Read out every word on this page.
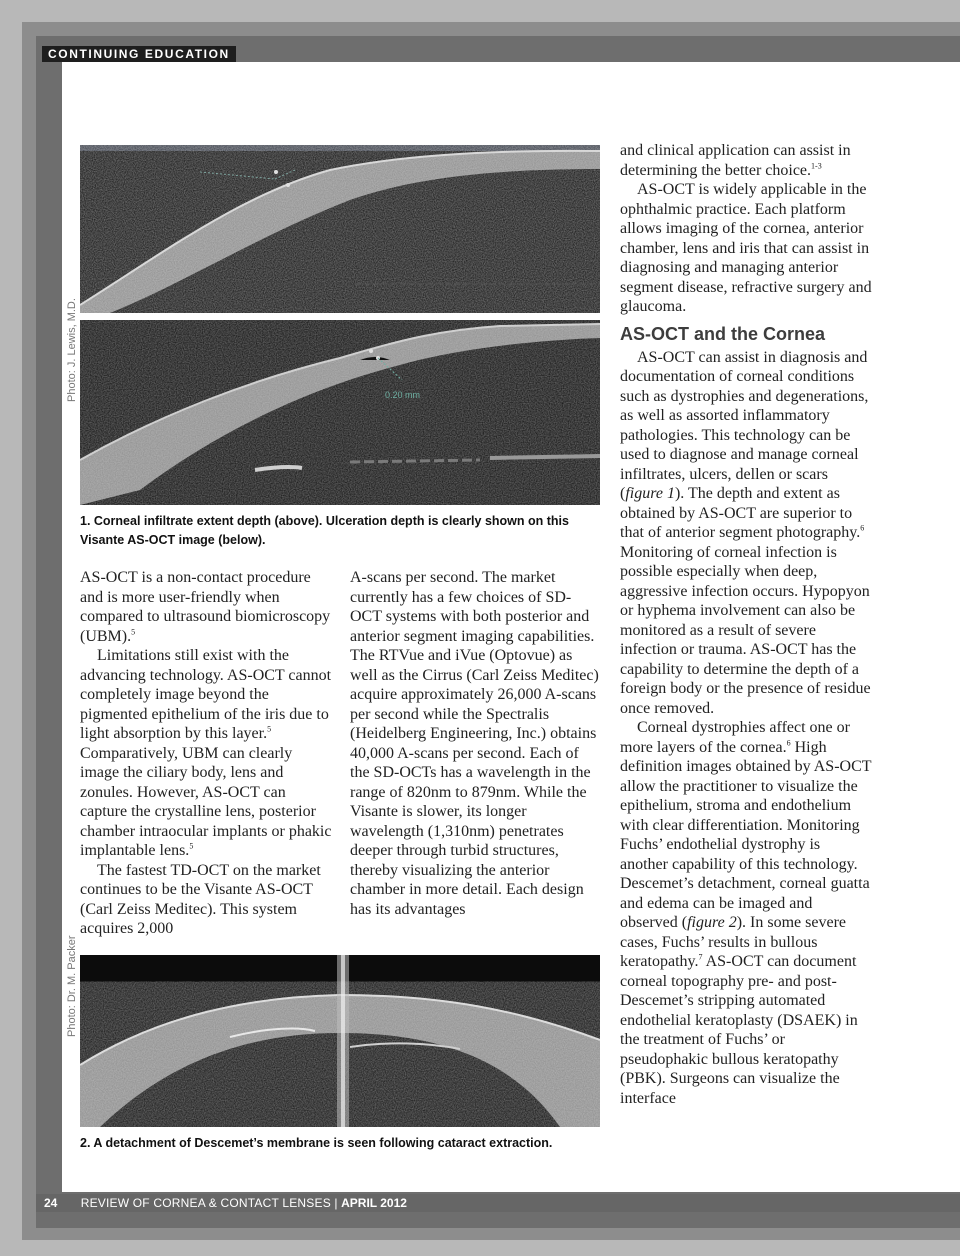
CONTINUING EDUCATION
0.20 mm
Photo: J. Lewis, M.D.
1. Corneal infiltrate extent depth (above). Ulceration depth is clearly shown on this Visante AS-OCT image (below).

AS-OCT is a non-contact procedure and is more user-friendly when compared to ultrasound biomicroscopy (UBM).$^5$

Limitations still exist with the advancing technology. AS-OCT cannot completely image beyond the pigmented epithelium of the iris due to light absorption by this layer.$^5$ Comparatively, UBM can clearly image the ciliary body, lens and zonules. However, AS-OCT can capture the crystalline lens, posterior chamber intraocular implants or phakic implantable lens.$^5$

The fastest TD-OCT on the market continues to be the Visante AS-OCT (Carl Zeiss Meditec). This system acquires 2,000

A-scans per second. The market currently has a few choices of SD-OCT systems with both posterior and anterior segment imaging capabilities. The RTVue and iVue (Optovue) as well as the Cirrus (Carl Zeiss Meditec) acquire approximately 26,000 A-scans per second while the Spectralis (Heidelberg Engineering, Inc.) obtains 40,000 A-scans per second. Each of the SD-OCTs has a wavelength in the range of 820nm to 879nm. While the Visante is slower, its longer wavelength (1,310nm) penetrates deeper through turbid structures, thereby visualizing the anterior chamber in more detail. Each design has its advantages

Photo: Dr. M. Packer
2. A detachment of Descemet’s membrane is seen following cataract extraction.

and clinical application can assist in determining the better choice.$^{1-3}$

AS-OCT is widely applicable in the ophthalmic practice. Each platform allows imaging of the cornea, anterior chamber, lens and iris that can assist in diagnosing and managing anterior segment disease, refractive surgery and glaucoma.

AS-OCT and the Cornea

AS-OCT can assist in diagnosis and documentation of corneal conditions such as dystrophies and degenerations, as well as assorted inflammatory pathologies. This technology can be used to diagnose and manage corneal infiltrates, ulcers, dellen or scars (figure 1). The depth and extent as obtained by AS-OCT are superior to that of anterior segment photography.$^6$ Monitoring of corneal infection is possible especially when deep, aggressive infection occurs. Hypopyon or hyphema involvement can also be monitored as a result of severe infection or trauma. AS-OCT has the capability to determine the depth of a foreign body or the presence of residue once removed.

Corneal dystrophies affect one or more layers of the cornea.$^6$ High definition images obtained by AS-OCT allow the practitioner to visualize the epithelium, stroma and endothelium with clear differentiation. Monitoring Fuchs’ endothelial dystrophy is another capability of this technology. Descemet’s detachment, corneal guatta and edema can be imaged and observed (figure 2). In some severe cases, Fuchs’ results in bullous keratopathy.$^7$ AS-OCT can document corneal topography pre- and post- Descemet’s stripping automated endothelial keratoplasty (DSAEK) in the treatment of Fuchs’ or pseudophakic bullous keratopathy (PBK). Surgeons can visualize the interface

24 REVIEW OF CORNEA & CONTACT LENSES | APRIL 2012
